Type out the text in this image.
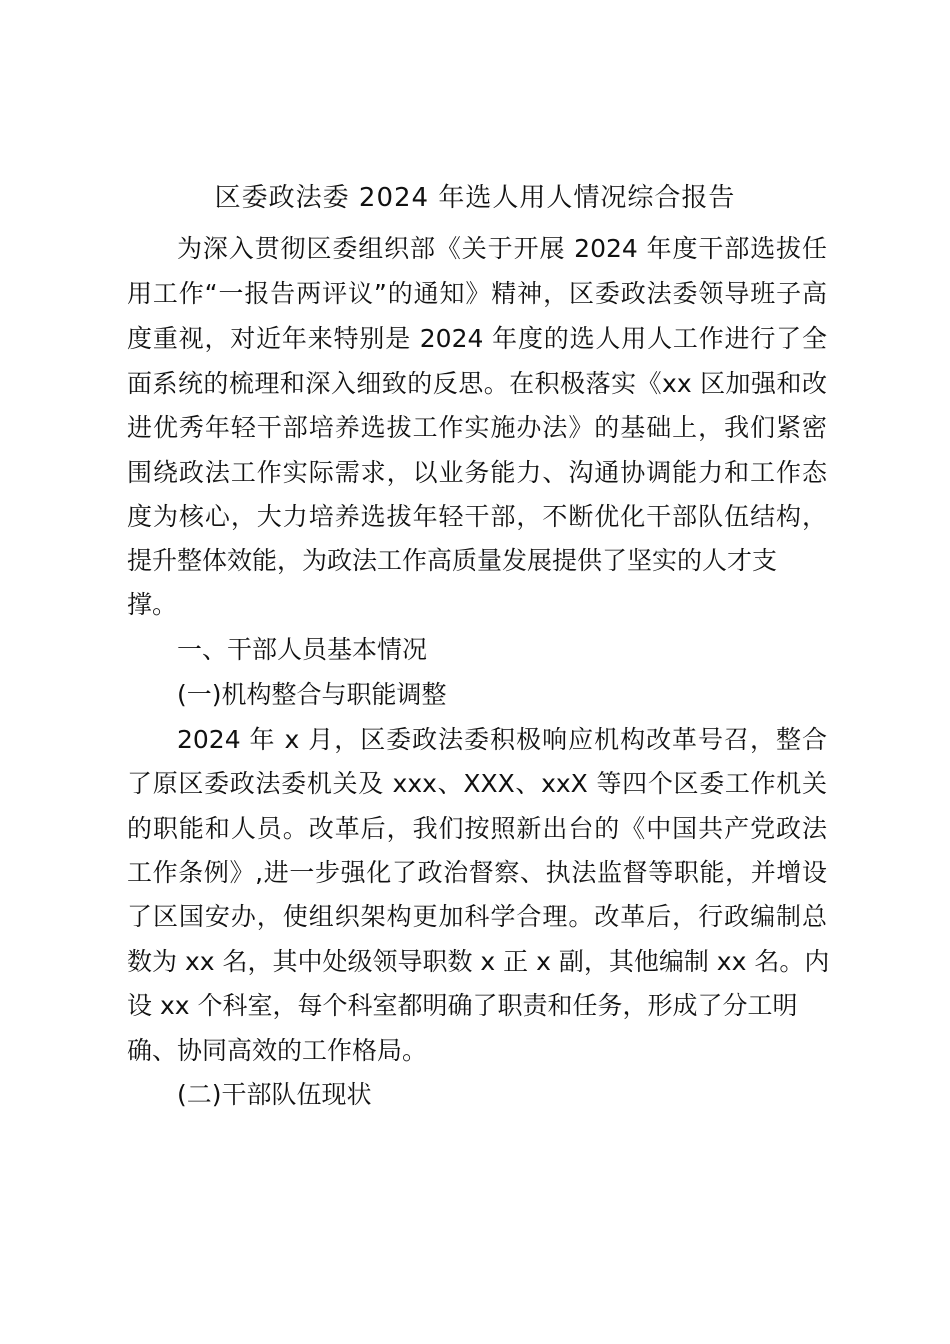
区委政法委 2024 年选人用人情况综合报告

为深入贯彻区委组织部《关于开展 2024 年度干部选拔任

用工作“一报告两评议”的通知》精神，区委政法委领导班子高

度重视，对近年来特别是 2024 年度的选人用人工作进行了全

面系统的梳理和深入细致的反思。在积极落实《xx 区加强和改

进优秀年轻干部培养选拔工作实施办法》的基础上，我们紧密

围绕政法工作实际需求，以业务能力、沟通协调能力和工作态

度为核心，大力培养选拔年轻干部，不断优化干部队伍结构，

提升整体效能，为政法工作高质量发展提供了坚实的人才支

撑。

一、干部人员基本情况

(一)机构整合与职能调整

2024 年 x 月，区委政法委积极响应机构改革号召，整合

了原区委政法委机关及 xxx、XXX、xxX 等四个区委工作机关

的职能和人员。改革后，我们按照新出台的《中国共产党政法

工作条例》,进一步强化了政治督察、执法监督等职能，并增设

了区国安办，使组织架构更加科学合理。改革后，行政编制总

数为 xx 名，其中处级领导职数 x 正 x 副，其他编制 xx 名。内

设 xx 个科室，每个科室都明确了职责和任务，形成了分工明

确、协同高效的工作格局。

(二)干部队伍现状
